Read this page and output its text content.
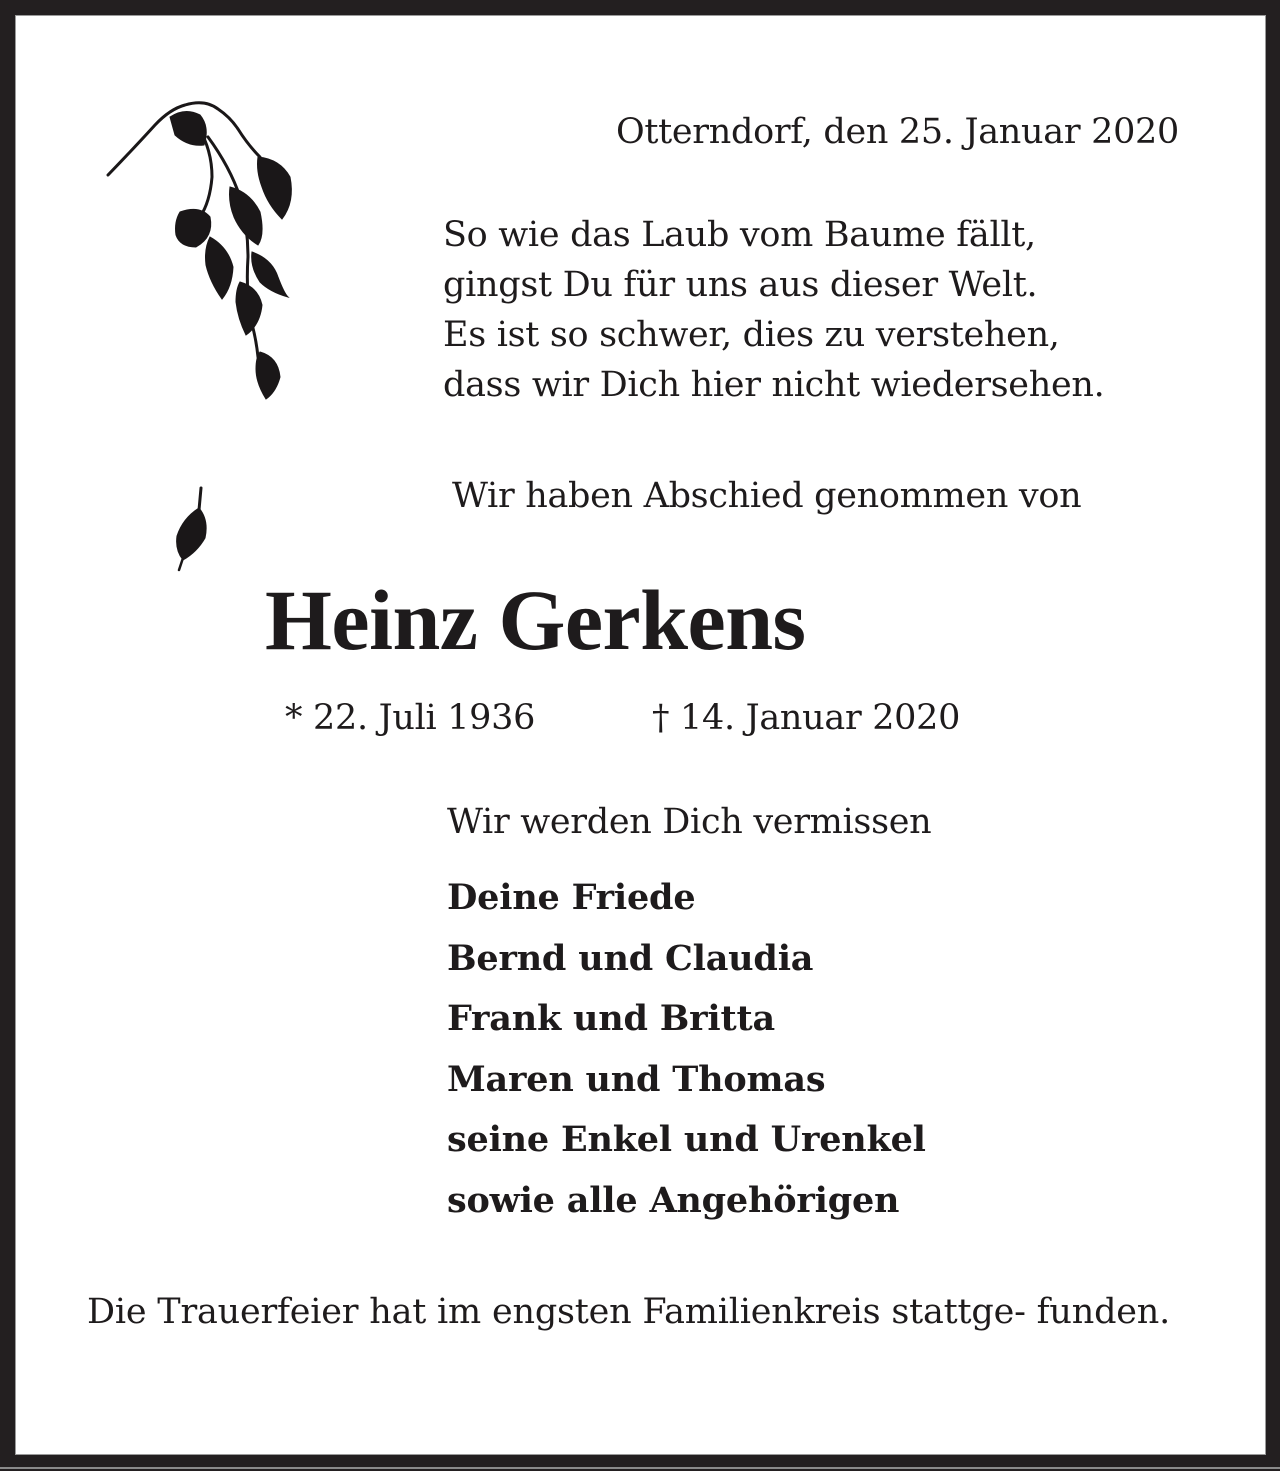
Otterndorf, den 25. Januar 2020
So wie das Laub vom Baume fällt,
gingst Du für uns aus dieser Welt.
Es ist so schwer, dies zu verstehen,
dass wir Dich hier nicht wiedersehen.
Wir haben Abschied genommen von
Heinz Gerkens
* 22. Juli 1936	† 14. Januar 2020
Wir werden Dich vermissen
Deine Friede
Bernd und Claudia
Frank und Britta
Maren und Thomas
seine Enkel und Urenkel
sowie alle Angehörigen
Die Trauerfeier hat im engsten Familienkreis stattge- funden.
